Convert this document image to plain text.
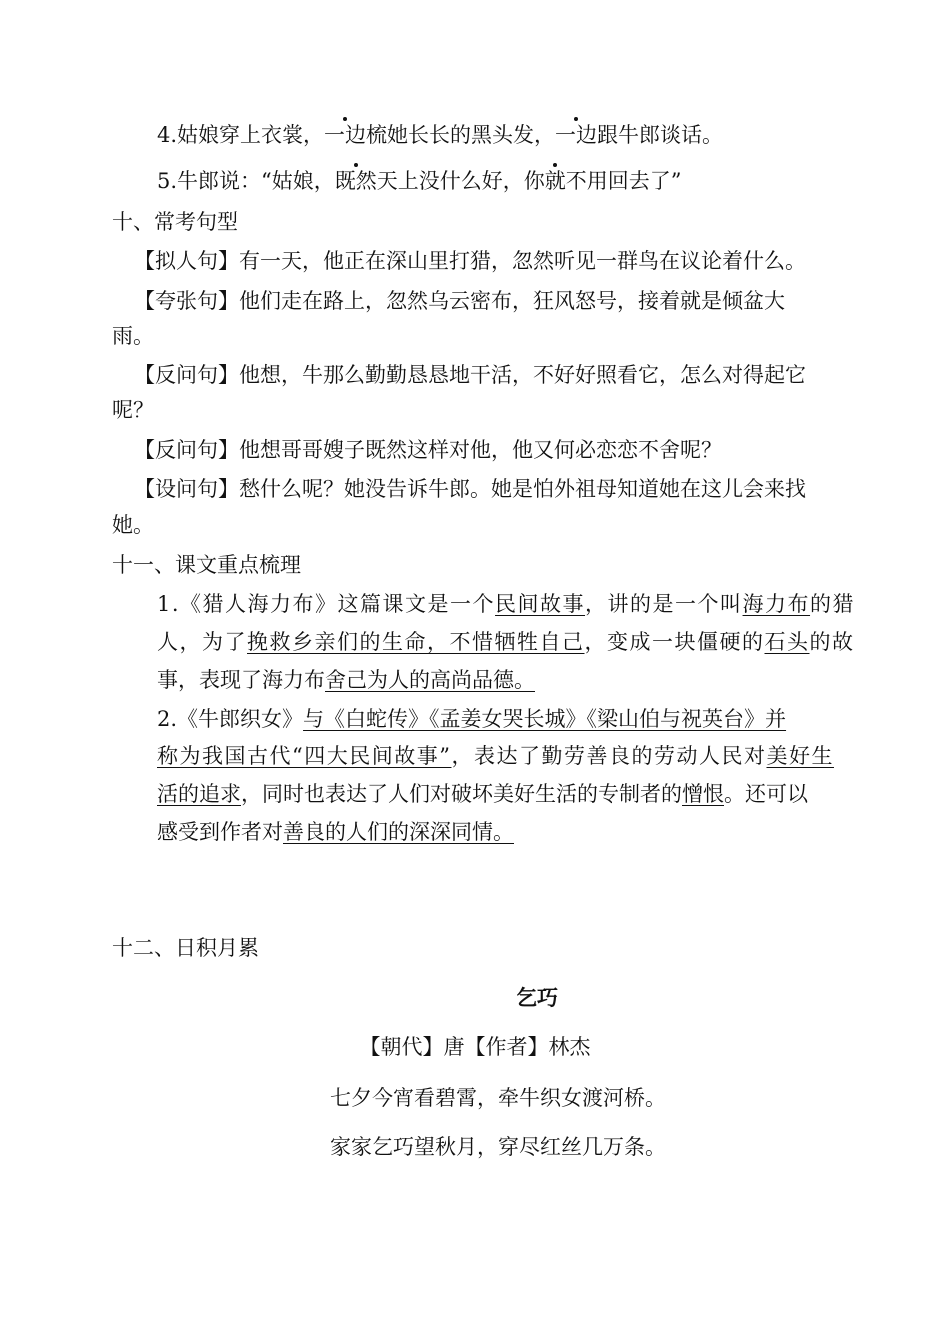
4.姑娘穿上衣裳，一边梳她长长的黑头发，一边跟牛郎谈话。
5.牛郎说：“姑娘，既然天上没什么好，你就不用回去了”
十、常考句型
【拟人句】有一天，他正在深山里打猎，忽然听见一群鸟在议论着什么。
【夸张句】他们走在路上，忽然乌云密布，狂风怒号，接着就是倾盆大
雨。
【反问句】他想，牛那么勤勤恳恳地干活，不好好照看它，怎么对得起它
呢？
【反问句】他想哥哥嫂子既然这样对他，他又何必恋恋不舍呢？
【设问句】愁什么呢？她没告诉牛郎。她是怕外祖母知道她在这儿会来找
她。
十一、课文重点梳理
1.《猎人海力布》这篇课文是一个民间故事，讲的是一个叫海力布的猎
人，为了挽救乡亲们的生命，不惜牺牲自己，变成一块僵硬的石头的故
事，表现了海力布舍己为人的高尚品德。
2.《牛郎织女》与《白蛇传》《孟姜女哭长城》《梁山伯与祝英台》并
称为我国古代“四大民间故事”，表达了勤劳善良的劳动人民对美好生
活的追求，同时也表达了人们对破坏美好生活的专制者的憎恨。还可以
感受到作者对善良的人们的深深同情。
十二、日积月累
乞巧
【朝代】唐【作者】林杰
七夕今宵看碧霄，牵牛织女渡河桥。
家家乞巧望秋月，穿尽红丝几万条。
